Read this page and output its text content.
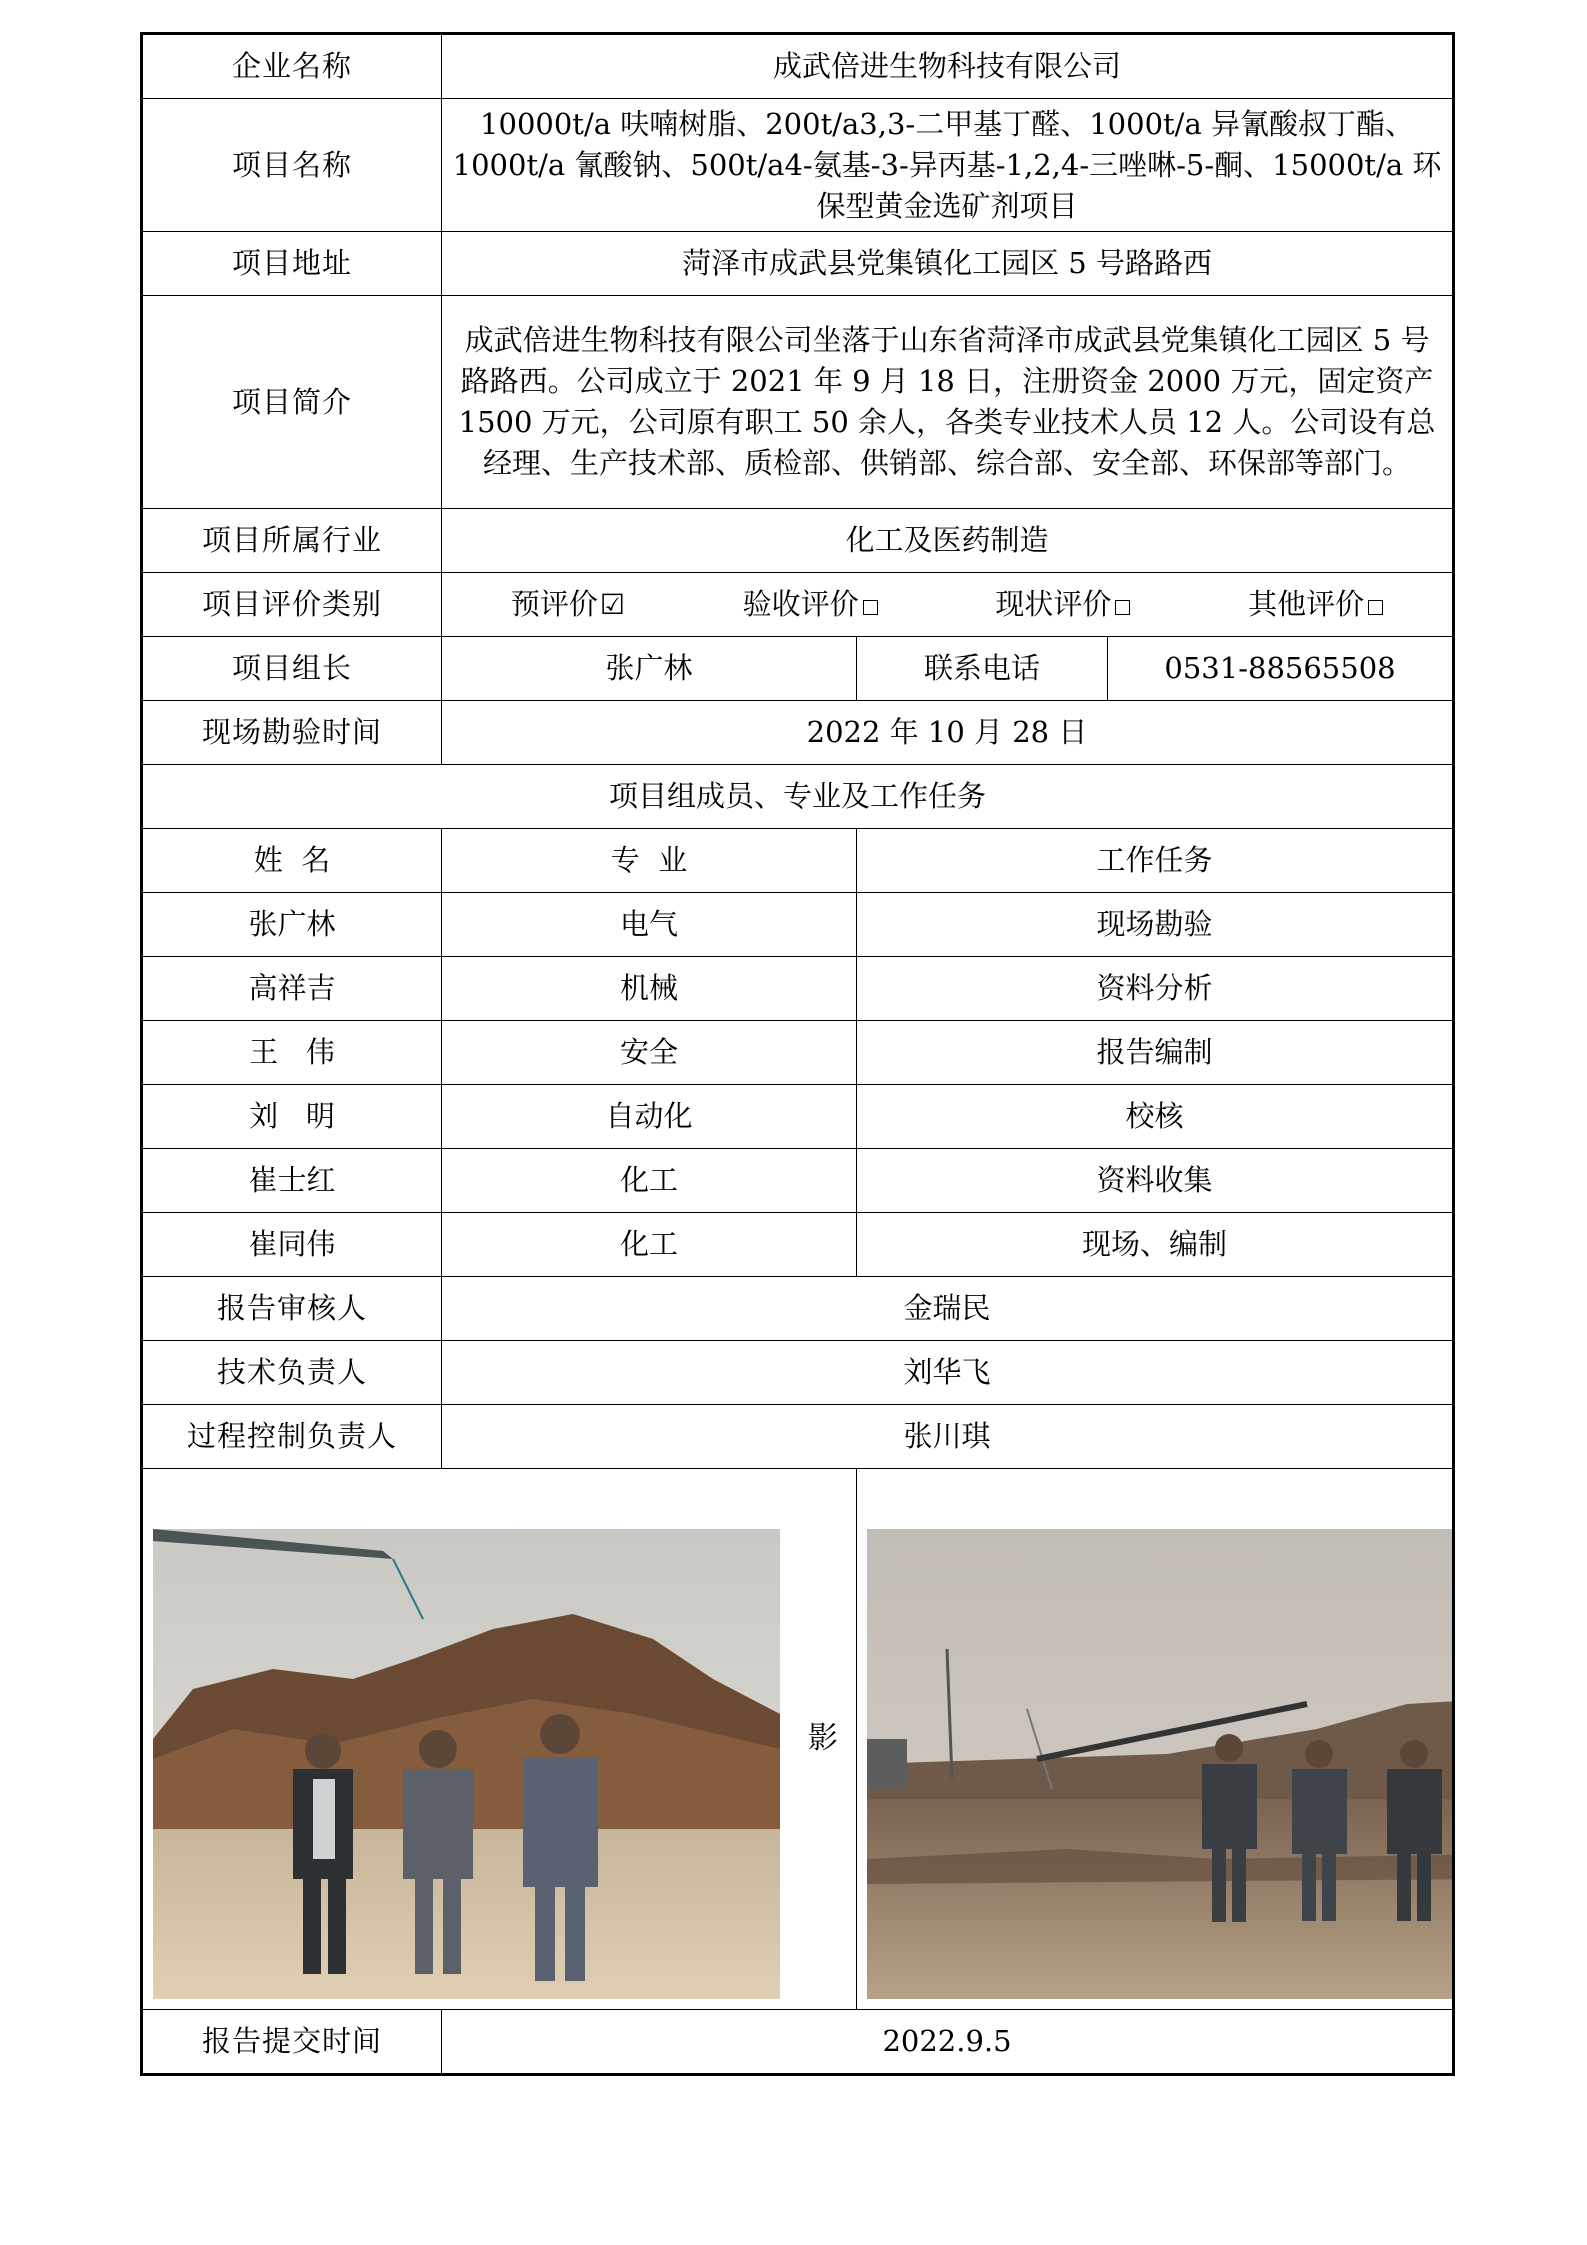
企业名称	成武倍进生物科技有限公司		
项目名称	10000t/a 呋喃树脂、200t/a3,3-二甲基丁醛、1000t/a 异氰酸叔丁酯、1000t/a 氰酸钠、500t/a4-氨基-3-异丙基-1,2,4-三唑啉-5-酮、15000t/a 环保型黄金选矿剂项目		
项目地址	菏泽市成武县党集镇化工园区 5 号路路西		
项目简介	成武倍进生物科技有限公司坐落于山东省菏泽市成武县党集镇化工园区 5 号路路西。公司成立于 2021 年 9 月 18 日，注册资金 2000 万元，固定资产 1500 万元，公司原有职工 50 余人，各类专业技术人员 12 人。公司设有总经理、生产技术部、质检部、供销部、综合部、安全部、环保部等部门。		
项目所属行业	化工及医药制造		
项目评价类别	预评价☑ 验收评价 现状评价 其他评价		

项目组长	张广林	联系电话	0531-88565508
现场勘验时间	2022 年 10 月 28 日		
项目组成员、专业及工作任务			
姓  名	专  业	工作任务	
张广林	电气	现场勘验	
高祥吉	机械	资料分析	
王   伟	安全	报告编制	
刘   明	自动化	校核	
崔士红	化工	资料收集	
崔同伟	化工	现场、编制	
报告审核人	金瑞民		
技术负责人	刘华飞		
过程控制负责人	张川琪		

影

报告提交时间	2022.9.5		
